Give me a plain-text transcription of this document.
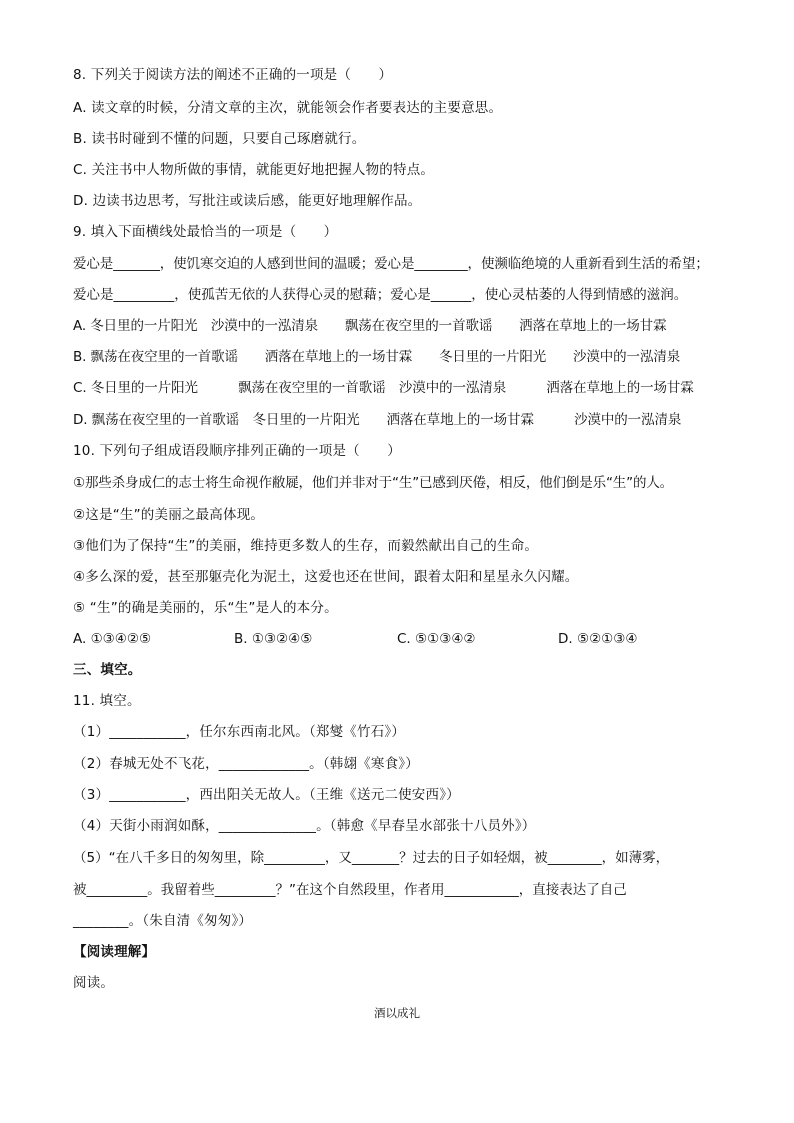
8. 下列关于阅读方法的阐述不正确的一项是（　　）
A. 读文章的时候，分清文章的主次，就能领会作者要表达的主要意思。
B. 读书时碰到不懂的问题，只要自己琢磨就行。
C. 关注书中人物所做的事情，就能更好地把握人物的特点。
D. 边读书边思考，写批注或读后感，能更好地理解作品。
9. 填入下面横线处最恰当的一项是（　　）
爱心是_______，使饥寒交迫的人感到世间的温暖；爱心是________，使濒临绝境的人重新看到生活的希望；
爱心是_________，使孤苦无依的人获得心灵的慰藉；爱心是______，使心灵枯萎的人得到情感的滋润。
A. 冬日里的一片阳光　沙漠中的一泓清泉　　飘荡在夜空里的一首歌谣　　洒落在草地上的一场甘霖
B. 飘荡在夜空里的一首歌谣　　洒落在草地上的一场甘霖　　冬日里的一片阳光　　沙漠中的一泓清泉
C. 冬日里的一片阳光　　　飘荡在夜空里的一首歌谣　沙漠中的一泓清泉　　　洒落在草地上的一场甘霖
D. 飘荡在夜空里的一首歌谣　冬日里的一片阳光　　洒落在草地上的一场甘霖　　　沙漠中的一泓清泉
10. 下列句子组成语段顺序排列正确的一项是（　　）
①那些杀身成仁的志士将生命视作敝屣，他们并非对于“生”已感到厌倦，相反，他们倒是乐“生”的人。
②这是“生”的美丽之最高体现。
③他们为了保持“生”的美丽，维持更多数人的生存，而毅然献出自己的生命。
④多么深的爱，甚至那躯壳化为泥土，这爱也还在世间，跟着太阳和星星永久闪耀。
⑤ “生”的确是美丽的，乐“生”是人的本分。
A. ①③④②⑤	B. ①③②④⑤	C. ⑤①③④②	D. ⑤②①③④
三、填空。
11. 填空。
（1）___________，任尔东西南北风。（郑燮《竹石》）
（2）春城无处不飞花，_____________。（韩翃《寒食》）
（3）___________，西出阳关无故人。（王维《送元二使安西》）
（4）天街小雨润如酥，______________。（韩愈《早春呈水部张十八员外》）
（5）“在八千多日的匆匆里，除_________，又_______？过去的日子如轻烟，被________，如薄雾，
被_________。我留着些_________？”在这个自然段里，作者用___________，直接表达了自己
________。（朱自清《匆匆》）
【阅读理解】
阅读。
酒以成礼
